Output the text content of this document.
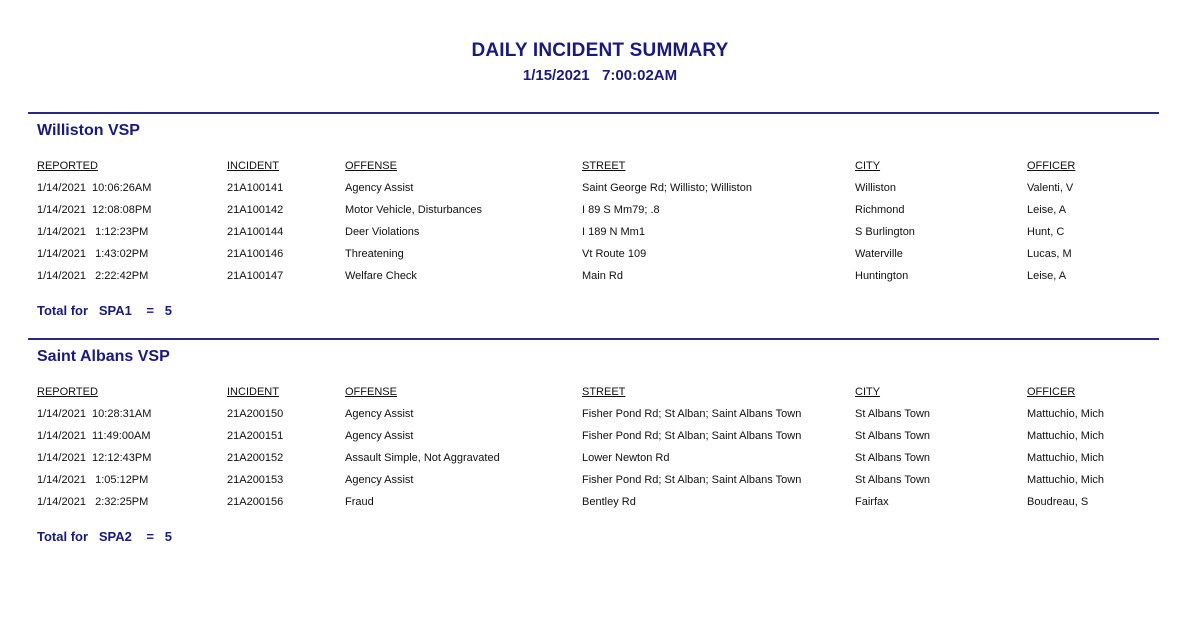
DAILY INCIDENT SUMMARY
1/15/2021   7:00:02AM
Williston VSP
REPORTED	INCIDENT	OFFENSE	STREET	CITY	OFFICER
1/14/2021  10:06:26AM	21A100141	Agency Assist	Saint George Rd; Willisto; Williston	Williston	Valenti, V
1/14/2021  12:08:08PM	21A100142	Motor Vehicle, Disturbances	I 89 S Mm79; .8	Richmond	Leise, A
1/14/2021   1:12:23PM	21A100144	Deer Violations	I 189 N Mm1	S Burlington	Hunt, C
1/14/2021   1:43:02PM	21A100146	Threatening	Vt Route 109	Waterville	Lucas, M
1/14/2021   2:22:42PM	21A100147	Welfare Check	Main Rd	Huntington	Leise, A
Total for SPA1 = 5
Saint Albans VSP
REPORTED	INCIDENT	OFFENSE	STREET	CITY	OFFICER
1/14/2021  10:28:31AM	21A200150	Agency Assist	Fisher Pond Rd; St Alban; Saint Albans Town	St Albans Town	Mattuchio, Mich
1/14/2021  11:49:00AM	21A200151	Agency Assist	Fisher Pond Rd; St Alban; Saint Albans Town	St Albans Town	Mattuchio, Mich
1/14/2021  12:12:43PM	21A200152	Assault Simple, Not Aggravated	Lower Newton Rd	St Albans Town	Mattuchio, Mich
1/14/2021   1:05:12PM	21A200153	Agency Assist	Fisher Pond Rd; St Alban; Saint Albans Town	St Albans Town	Mattuchio, Mich
1/14/2021   2:32:25PM	21A200156	Fraud	Bentley Rd	Fairfax	Boudreau, S
Total for SPA2 = 5
